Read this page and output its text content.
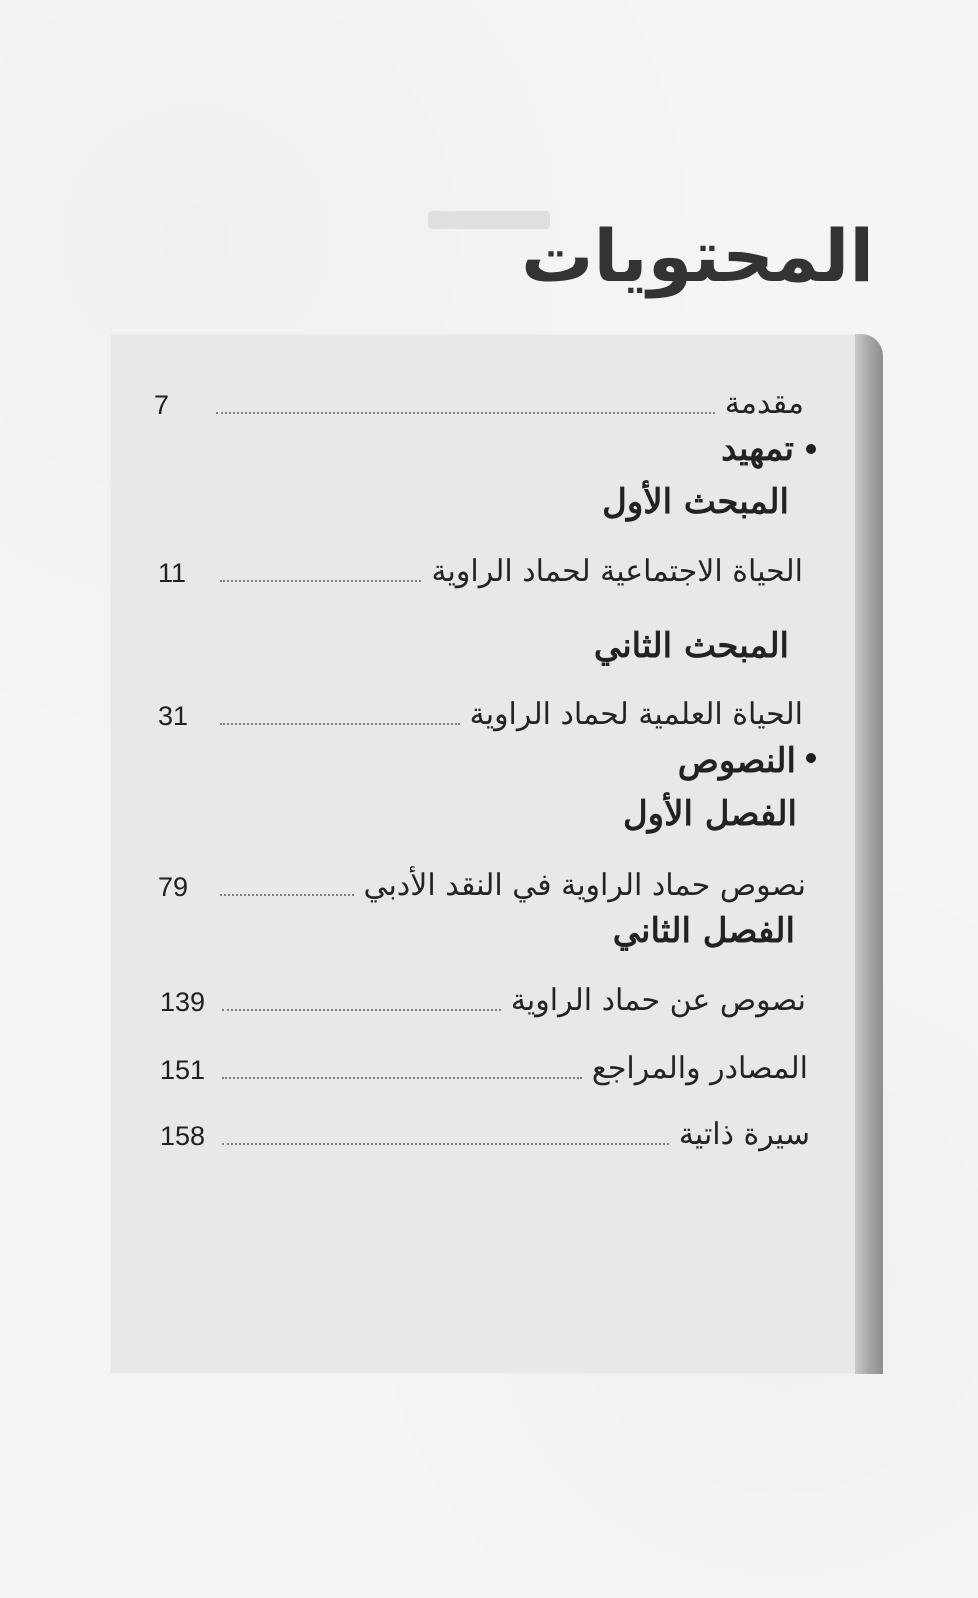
المحتويات
7	مقدمة
تمهيد
المبحث الأول
11	الحياة الاجتماعية لحماد الراوية
المبحث الثاني
31	الحياة العلمية لحماد الراوية
النصوص
الفصل الأول
79	نصوص حماد الراوية في النقد الأدبي
الفصل الثاني
139	نصوص عن حماد الراوية
151	المصادر والمراجع
158	سيرة ذاتية
